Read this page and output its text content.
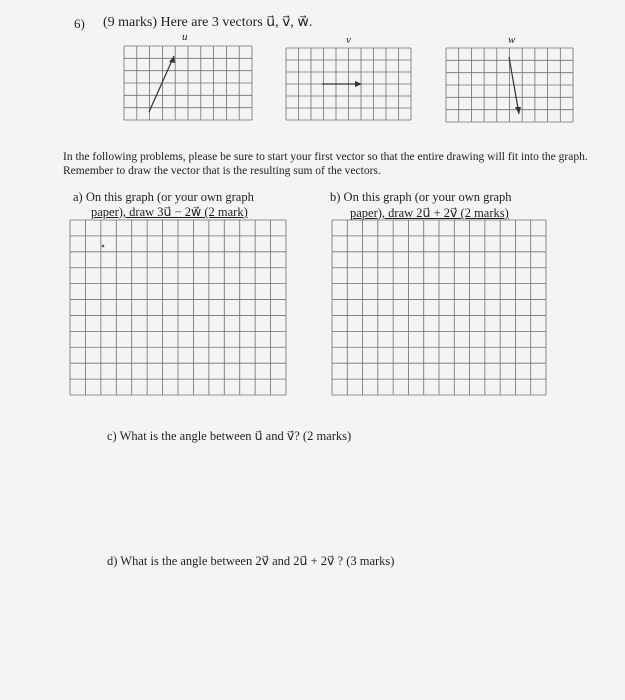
6) (9 marks) Here are 3 vectors u⃗, v⃗, w⃗.
u⃗	v⃗	w⃗
In the following problems, please be sure to start your first vector so that the entire drawing will fit into the graph. Remember to draw the vector that is the resulting sum of the vectors.
a) On this graph (or your own graph
paper), draw 3u⃗ − 2w⃗ (2 mark)
b) On this graph (or your own graph
paper), draw 2u⃗ + 2v⃗ (2 marks)
c) What is the angle between u⃗ and v⃗? (2 marks)
d) What is the angle between 2v⃗ and 2u⃗ + 2v⃗ ? (3 marks)
